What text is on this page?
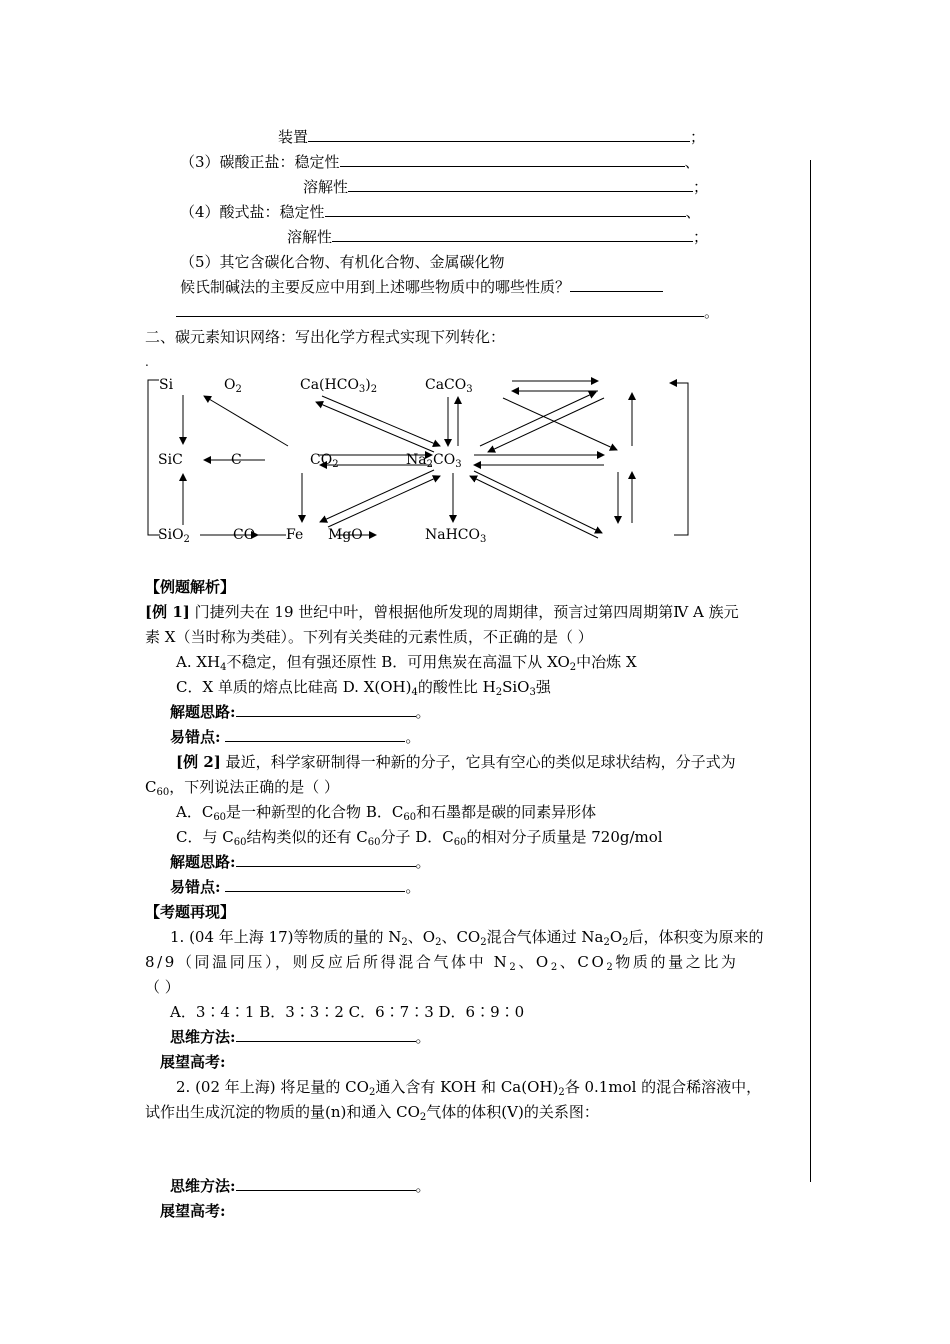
装置	；
（3）碳酸正盐：稳定性	、
溶解性	；
（4）酸式盐：稳定性	、
溶解性	；
（5）其它含碳化合物、有机化合物、金属碳化物
候氏制碱法的主要反应中用到上述哪些物质中的哪些性质？
。
二、碳元素知识网络：写出化学方程式实现下列转化：
.
Si	$O_2$	$Ca(HCO_3)_2$	CaCO$_3$
SiC	C	$CO_2$	$Na_2CO_3$
SiO$_2$	CO Fe MgO	NaHCO$_3$
【例题解析】
[例 1] 门捷列夫在 19 世纪中叶，曾根据他所发现的周期律，预言过第四周期第Ⅳ A 族元
素 X（当时称为类硅）。下列有关类硅的元素性质，不正确的是（ ）
A. $XH_4$不稳定，但有强还原性 B．可用焦炭在高温下从 $XO_2$中冶炼 X
C．X 单质的熔点比硅高 D. $X(OH)_4$的酸性比 $H_2SiO_3$强
解题思路:	。
易错点:	。
[例 2] 最近，科学家研制得一种新的分子，它具有空心的类似足球状结构，分子式为
$C_{60}$，下列说法正确的是（ ）
A．$C_{60}$是一种新型的化合物 B．$C_{60}$和石墨都是碳的同素异形体
C．与 $C_{60}$结构类似的还有 $C_{60}$分子 D．$C_{60}$的相对分子质量是 720g/mol
解题思路:	。
易错点:	。
【考题再现】
1. (04 年上海 17)等物质的量的 $N_2$、$O_2$、$CO_2$混合气体通过 $Na_2O_2$后，体积变为原来的
8/9（同温同压），则反应后所得混合气体中 $N_2$、$O_2$、$CO_2$物质的量之比为
（ ）
A．3∶4∶1 B．3∶3∶2 C．6∶7∶3 D．6∶9∶0
思维方法:	。
展望高考:
2. (02 年上海) 将足量的 $CO_2$通入含有 KOH 和 $Ca(OH)_2$各 0.1mol 的混合稀溶液中，
试作出生成沉淀的物质的量(n)和通入 $CO_2$气体的体积(V)的关系图：
思维方法:	。
展望高考:
